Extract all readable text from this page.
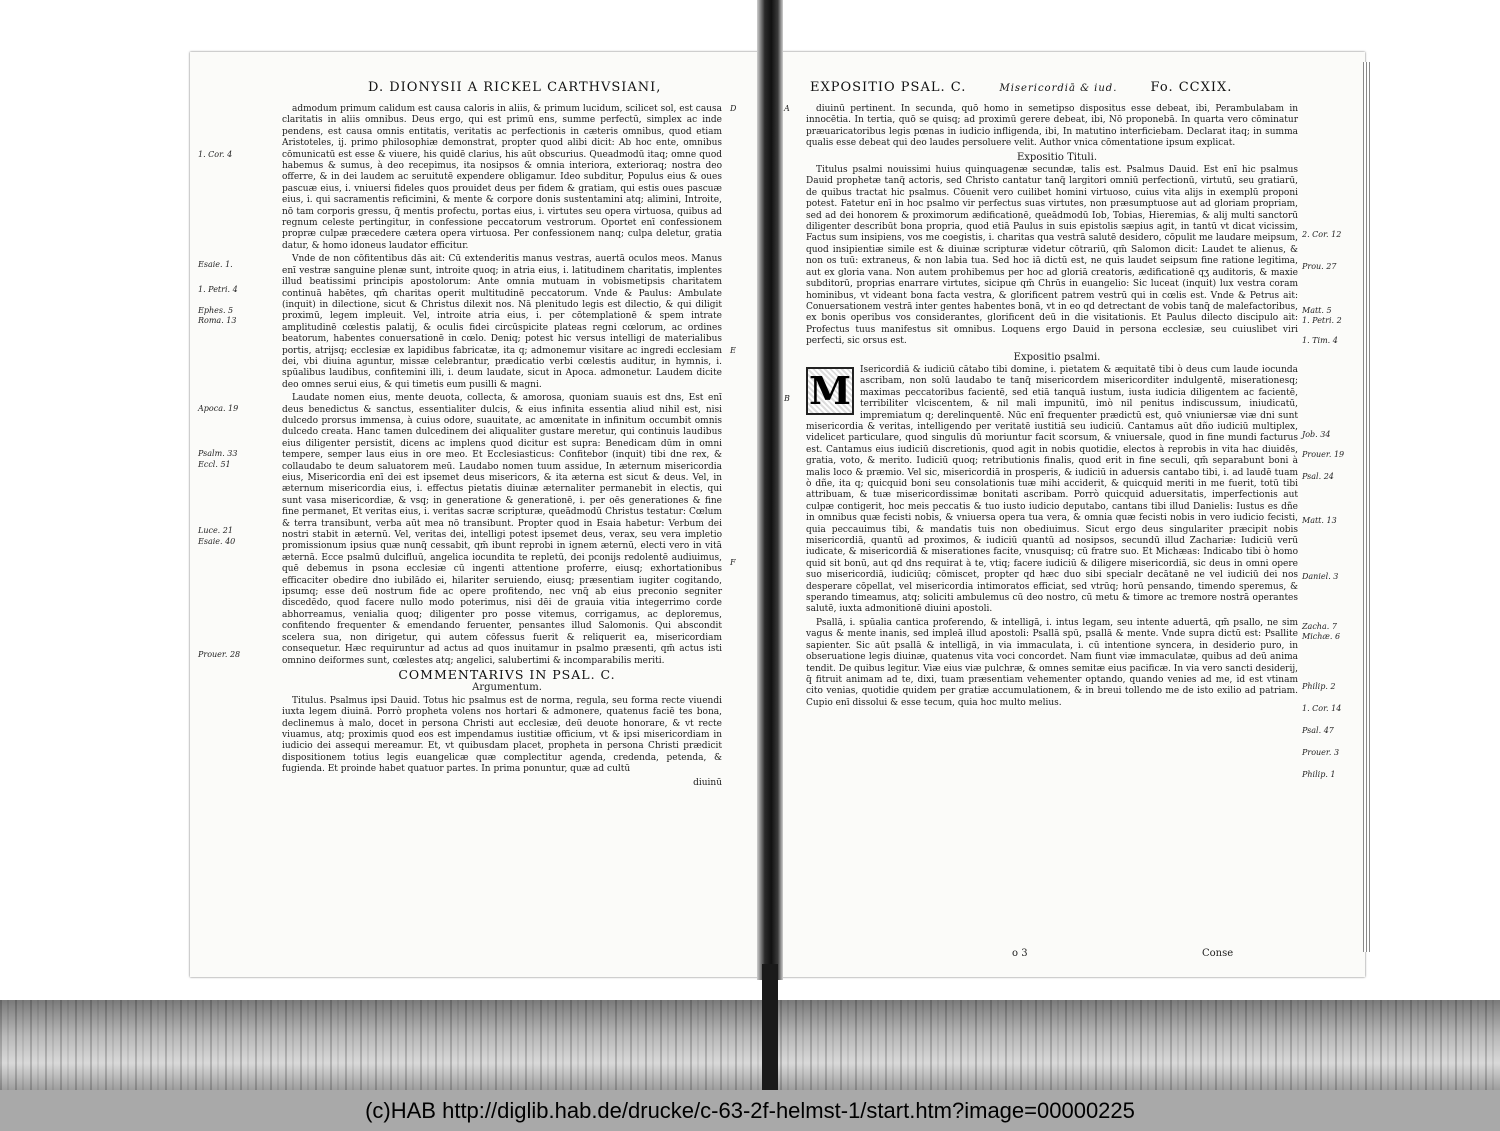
D. DIONYSII A RICKEL CARTHVSIANI,
1. Cor. 4
Esaie. 1.
1. Petri. 4
Ephes. 5
Roma. 13
Apoca. 19
Psalm. 33
Eccl. 51
Luce. 21
Esaie. 40
Prouer. 28
D
E
F

admodum primum calidum est causa caloris in aliis, & primum lucidum, scilicet sol, est causa claritatis in aliis omnibus. Deus ergo, qui est primū ens, summe perfectū, simplex ac inde pendens, est causa omnis entitatis, veritatis ac perfectionis in cæteris omnibus, quod etiam Aristoteles, ij. primo philosophiæ demonstrat, propter quod alibi dicit: Ab hoc ente, omnibus cōmunicatū est esse & viuere, his quidē clarius, his aūt obscurius. Queadmodū itaq; omne quod habemus & sumus, à deo recepimus, ita nosipsos & omnia interiora, exterioraq; nostra deo offerre, & in dei laudem ac seruitutē expendere obligamur. Ideo subditur, Populus eius & oues pascuæ eius, i. vniuersi fideles quos prouidet deus per fidem & gratiam, qui estis oues pascuæ eius, i. qui sacramentis reficimini, & mente & corpore donis sustentamini atq; alimini, Introite, nō tam corporis gressu, q̃ mentis profectu, portas eius, i. virtutes seu opera virtuosa, quibus ad regnum celeste pertingitur, in confessione peccatorum vestrorum. Oportet enī confessionem propræ culpæ præcedere cætera opera virtuosa. Per confessionem nanq; culpa deletur, gratia datur, & homo idoneus laudator efficitur.

Vnde de non cōfitentibus dās ait: Cū extenderitis manus vestras, auertā oculos meos. Manus enī vestræ sanguine plenæ sunt, introite quoq; in atria eius, i. latitudinem charitatis, implentes illud beatissimi principis apostolorum: Ante omnia mutuam in vobismetipsis charitatem continuā habētes, qm̄ charitas operit multitudinē peccatorum. Vnde & Paulus: Ambulate (inquit) in dilectione, sicut & Christus dilexit nos. Nā plenitudo legis est dilectio, & qui diligit proximū, legem impleuit. Vel, introite atria eius, i. per cōtemplationē & spem intrate amplitudinē cœlestis palatij, & oculis fidei circūspicite plateas regni cœlorum, ac ordines beatorum, habentes conuersationē in cœlo. Deniq; potest hic versus intelligi de materialibus portis, atrijsq; ecclesiæ ex lapidibus fabricatæ, ita q; admonemur visitare ac ingredi ecclesiam dei, vbi diuina aguntur, missæ celebrantur, prædicatio verbi cœlestis auditur, in hymnis, i. spūalibus laudibus, confitemini illi, i. deum laudate, sicut in Apoca. admonetur. Laudem dicite deo omnes serui eius, & qui timetis eum pusilli & magni.

Laudate nomen eius, mente deuota, collecta, & amorosa, quoniam suauis est dns, Est enī deus benedictus & sanctus, essentialiter dulcis, & eius infinita essentia aliud nihil est, nisi dulcedo prorsus immensa, à cuius odore, suauitate, ac amœnitate in infinitum occumbit omnis dulcedo creata. Hanc tamen dulcedinem dei aliqualiter gustare meretur, qui continuis laudibus eius diligenter persistit, dicens ac implens quod dicitur est supra: Benedicam dūm in omni tempere, semper laus eius in ore meo. Et Ecclesiasticus: Confitebor (inquit) tibi dne rex, & collaudabo te deum saluatorem meū. Laudabo nomen tuum assidue, In æternum misericordia eius, Misericordia enī dei est ipsemet deus misericors, & ita æterna est sicut & deus. Vel, in æternum misericordia eius, i. effectus pietatis diuinæ æternaliter permanebit in electis, qui sunt vasa misericordiæ, & vsq; in generatione & generationē, i. per oēs generationes & fine fine permanet, Et veritas eius, i. veritas sacræ scripturæ, queādmodū Christus testatur: Cœlum & terra transibunt, verba aūt mea nō transibunt. Propter quod in Esaia habetur: Verbum dei nostri stabit in æternū. Vel, veritas dei, intelligi potest ipsemet deus, verax, seu vera impletio promissionum ipsius quæ nunq̃ cessabit, qm̄ ibunt reprobi in ignem æternū, electi vero in vitā æternā. Ecce psalmū dulcifluū, angelica iocundita te repletū, dei pconijs redolentē audiuimus, quē debemus in psona ecclesiæ cū ingenti attentione proferre, eiusq; exhortationibus efficaciter obedire dno iubilādo ei, hilariter seruiendo, eiusq; præsentiam iugiter cogitando, ipsumq; esse deū nostrum fide ac opere profitendo, nec vnq̃ ab eius preconio segniter discedēdo, quod facere nullo modo poterimus, nisi dēi de grauia vitia integerrimo corde abhorreamus, venialia quoq; diligenter pro posse vitemus, corrigamus, ac deploremus, confitendo frequenter & emendando feruenter, pensantes illud Salomonis. Qui abscondit scelera sua, non dirigetur, qui autem cōfessus fuerit & reliquerit ea, misericordiam consequetur. Hæc requiruntur ad actus ad quos inuitamur in psalmo præsenti, qm̄ actus isti omnino deiformes sunt, cœlestes atq; angelici, salubertimi & incomparabilis meriti.

COMMENTARIVS IN PSAL. C.

Argumentum.

Titulus. Psalmus ipsi Dauid. Totus hic psalmus est de norma, regula, seu forma recte viuendi iuxta legem diuinā. Porrò propheta volens nos hortari & admonere, quatenus faciē tes bona, declinemus à malo, docet in persona Christi aut ecclesiæ, deū deuote honorare, & vt recte viuamus, atq; proximis quod eos est impendamus iustitiæ officium, vt & ipsi misericordiam in iudicio dei assequi mereamur. Et, vt quibusdam placet, propheta in persona Christi prædicit dispositionem totius legis euangelicæ quæ complectitur agenda, credenda, petenda, & fugienda. Et proinde habet quatuor partes. In prima ponuntur, quæ ad cultū

diuinū

EXPOSITIO PSAL. C.	Misericordiā & iud.	Fo. CCXIX.
A
B
2. Cor. 12
Prou. 27
Matt. 5
1. Petri. 2
1. Tim. 4
Job. 34
Prouer. 19
Psal. 24
Matt. 13
Daniel. 3
Zacha. 7
Michæ. 6
Philip. 2
1. Cor. 14
Psal. 47
Prouer. 3
Philip. 1

diuinū pertinent. In secunda, quō homo in semetipso dispositus esse debeat, ibi, Perambulabam in innocētia. In tertia, quō se quisq; ad proximū gerere debeat, ibi, Nō proponebā. In quarta vero cōminatur præuaricatoribus legis pœnas in iudicio infligenda, ibi, In matutino interficiebam. Declarat itaq; in summa qualis esse debeat qui deo laudes persoluere velit. Author vnica cōmentatione ipsum explicat.

Expositio Tituli.

Titulus psalmi nouissimi huius quinquagenæ secundæ, talis est. Psalmus Dauid. Est enī hic psalmus Dauid prophetæ tanq̃ actoris, sed Christo cantatur tanq̃ largitori omniū perfectionū, virtutū, seu gratiarū, de quibus tractat hic psalmus. Cōuenit vero cuilibet homini virtuoso, cuius vita alijs in exemplū proponi potest. Fatetur enī in hoc psalmo vir perfectus suas virtutes, non præsumptuose aut ad gloriam propriam, sed ad dei honorem & proximorum ædificationē, queādmodū Iob, Tobias, Hieremias, & alij multi sanctorū diligenter describūt bona propria, quod etiā Paulus in suis epistolis sæpius agit, in tantū vt dicat vicissim, Factus sum insipiens, vos me coegistis, i. charitas qua vestrā salutē desidero, cōpulit me laudare meipsum, quod insipientiæ simile est & diuinæ scripturæ videtur cōtrariū, qm̄ Salomon dicit: Laudet te alienus, & non os tuū: extraneus, & non labia tua. Sed hoc iā dictū est, ne quis laudet seipsum fine ratione legitima, aut ex gloria vana. Non autem prohibemus per hoc ad gloriā creatoris, ædificationē qʒ auditoris, & maxie subditorū, proprias enarrare virtutes, sicipue qm̄ Chrūs in euangelio: Sic luceat (inquit) lux vestra coram hominibus, vt videant bona facta vestra, & glorificent patrem vestrū qui in cœlis est. Vnde & Petrus ait: Conuersationem vestrā inter gentes habentes bonā, vt in eo qd detrectant de vobis tanq̃ de malefactoribus, ex bonis operibus vos considerantes, glorificent deū in die visitationis. Et Paulus dilecto discipulo ait: Profectus tuus manifestus sit omnibus. Loquens ergo Dauid in persona ecclesiæ, seu cuiuslibet viri perfecti, sic orsus est.

Expositio psalmi.

M Isericordiā & iudiciū cātabo tibi domine, i. pietatem & æquitatē tibi ò deus cum laude iocunda ascribam, non solū laudabo te tanq̃ misericordem misericorditer indulgentē, miserationesq; maximas peccatoribus facientē, sed etiā tanquā iustum, iusta iudicia diligentem ac facientē, terribiliter vlciscentem, & nil mali impunitū, imò nil penitus indiscussum, iniudicatū, impremiatum q; derelinquentē. Nūc enī frequenter prædictū est, quō vniuniersæ viæ dni sunt misericordia & veritas, intelligendo per veritatē iustitiā seu iudiciū. Cantamus aūt dño iudiciū multiplex, videlicet particulare, quod singulis dū moriuntur facit scorsum, & vniuersale, quod in fine mundi facturus est. Cantamus eius iudiciū discretionis, quod agit in nobis quotidie, electos à reprobis in vita hac diuidēs, gratia, voto, & merito. Iudiciū quoq; retributionis finalis, quod erit in fine seculi, qm̄ separabunt boni à malis loco & præmio. Vel sic, misericordiā in prosperis, & iudiciū in aduersis cantabo tibi, i. ad laudē tuam ò dñe, ita q; quicquid boni seu consolationis tuæ mihi acciderit, & quicquid meriti in me fuerit, totū tibi attribuam, & tuæ misericordissimæ bonitati ascribam. Porrò quicquid aduersitatis, imperfectionis aut culpæ contigerit, hoc meis peccatis & tuo iusto iudicio deputabo, cantans tibi illud Danielis: Iustus es dñe in omnibus quæ fecisti nobis, & vniuersa opera tua vera, & omnia quæ fecisti nobis in vero iudicio fecisti, quia peccauimus tibi, & mandatis tuis non obediuimus. Sicut ergo deus singulariter præcipit nobis misericordiā, quantū ad proximos, & iudiciū quantū ad nosipsos, secundū illud Zachariæ: Iudiciū verū iudicate, & misericordiā & miserationes facite, vnusquisq; cū fratre suo. Et Michæas: Indicabo tibi ò homo quid sit bonū, aut qd dns requirat à te, vtiq; facere iudiciū & diligere misericordiā, sic deus in omni opere suo misericordiā, iudiciūq; cōmiscet, propter qd hæc duo sibi specialr decātanē ne vel iudiciū dei nos desperare cōpellat, vel misericordia intimoratos efficiat, sed vtrūq; horū pensando, timendo speremus, & sperando timeamus, atq; soliciti ambulemus cū deo nostro, cū metu & timore ac tremore nostrā operantes salutē, iuxta admonitionē diuini apostoli.

Psallā, i. spūalia cantica proferendo, & intelligā, i. intus legam, seu intente aduertā, qm̄ psallo, ne sim vagus & mente inanis, sed impleā illud apostoli: Psallā spū, psallā & mente. Vnde supra dictū est: Psallite sapienter. Sic aūt psallā & intelligā, in via immaculata, i. cū intentione syncera, in desiderio puro, in obseruatione legis diuinæ, quatenus vita voci concordet. Nam fiunt viæ immaculatæ, quibus ad deū anima tendit. De quibus legitur. Viæ eius viæ pulchræ, & omnes semitæ eius pacificæ. In via vero sancti desiderij, q̃ fitruit animam ad te, dixi, tuam præsentiam vehementer optando, quando venies ad me, id est vtinam cito venias, quotidie quidem per gratiæ accumulationem, & in breui tollendo me de isto exilio ad patriam. Cupio enī dissolui & esse tecum, quia hoc multo melius.

o 3	Conse
(c)HAB http://diglib.hab.de/drucke/c-63-2f-helmst-1/start.htm?image=00000225
